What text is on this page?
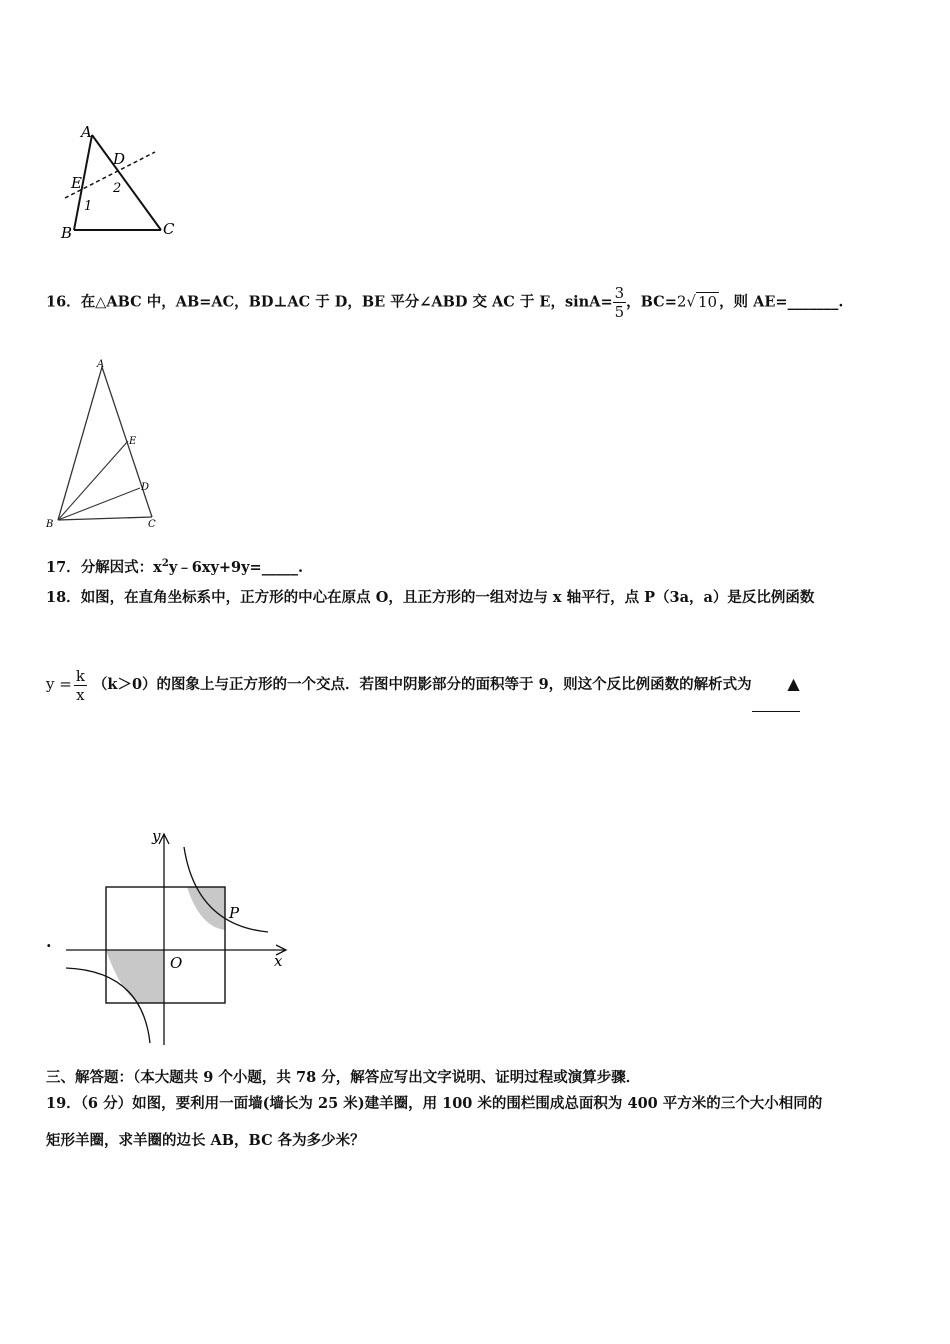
A
B	C
D
E
1
2
16．在△ABC 中，AB=AC，BD⊥AC 于 D，BE 平分∠ABD 交 AC 于 E，$\sin A= \frac{3}{5}$ ，BC=2√ 10 ，则 AE=_______.
A
B	C
E
D
17．分解因式：$x^2y﹣6xy+9y=\_\_\_\_\_$.
18．如图，在直角坐标系中，正方形的中心在原点 O，且正方形的一组对边与 x 轴平行，点 P（3a，a）是反比例函数
$y = \frac{k}{x} (k>0)$的图象上与正方形的一个交点．若图中阴影部分的面积等于 9，则这个反比例函数的解析式为 ▲
·
x
y
O
P
三、解答题：（本大题共 9 个小题，共 78 分，解答应写出文字说明、证明过程或演算步骤．
19．（6 分）如图，要利用一面墙(墙长为 25 米)建羊圈，用 100 米的围栏围成总面积为 400 平方米的三个大小相同的
矩形羊圈，求羊圈的边长 AB，BC 各为多少米？
